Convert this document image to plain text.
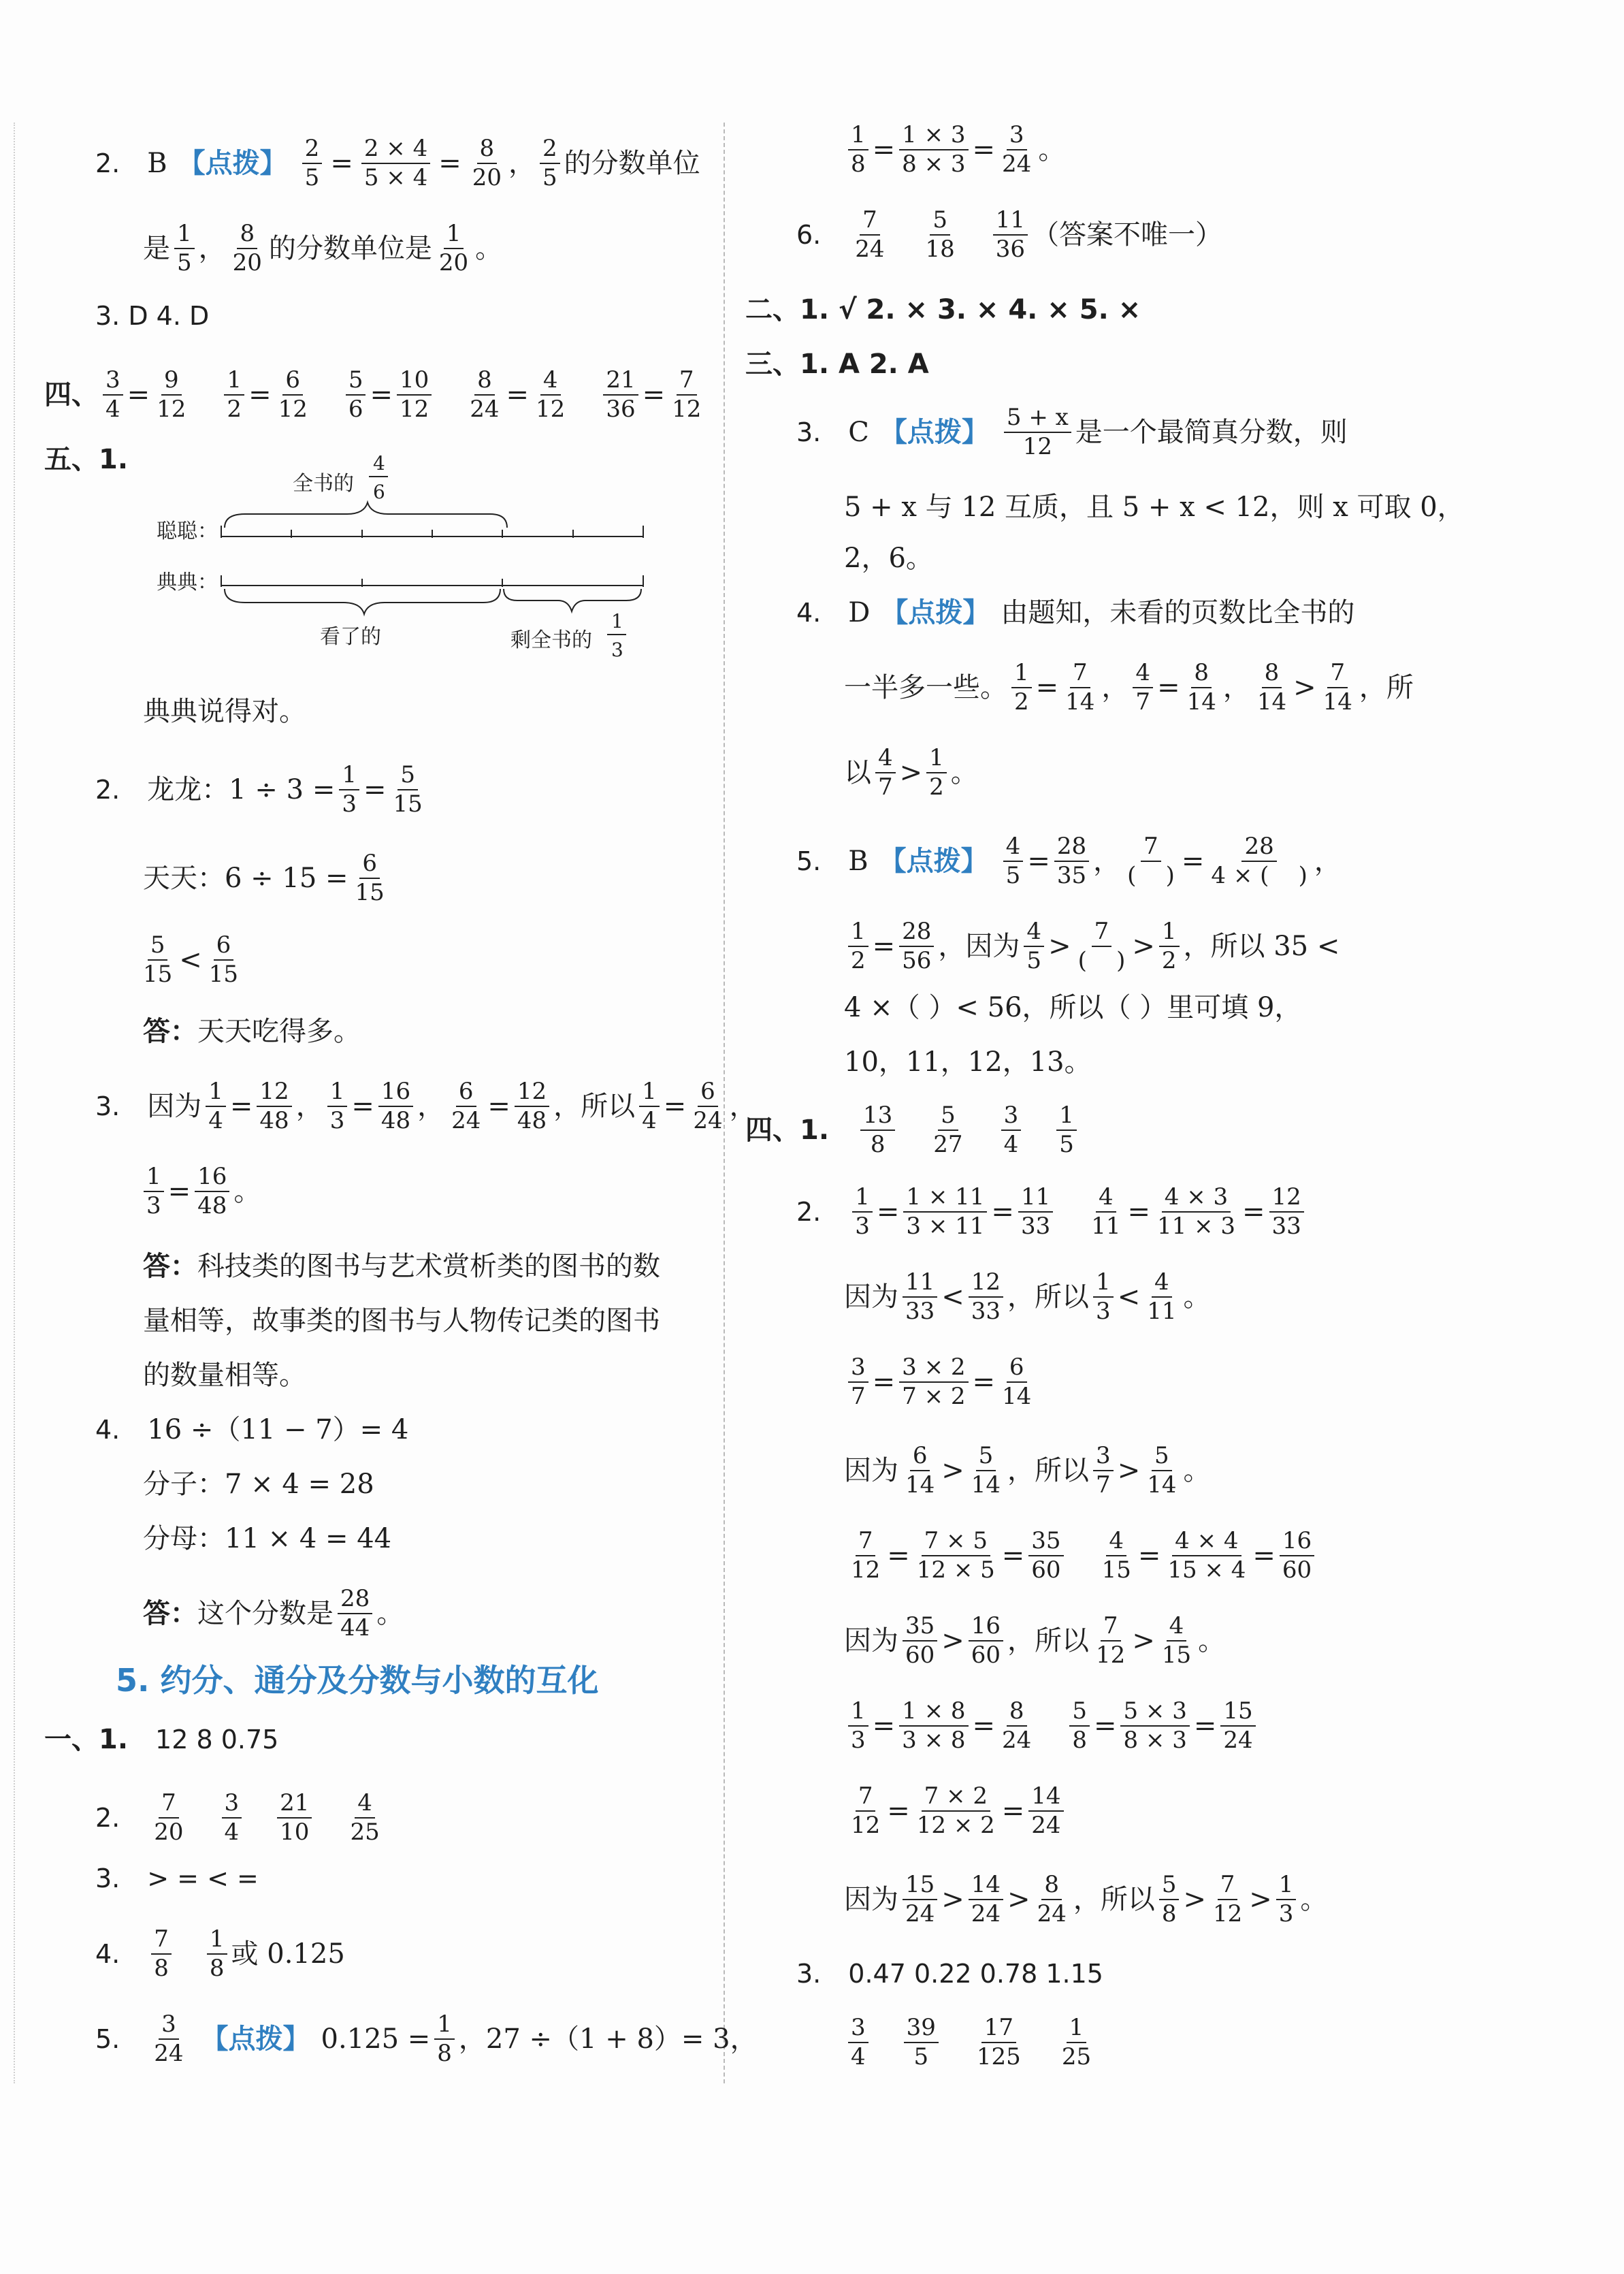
2. B 【点拨】 $\frac{2}{5} = \frac{2 \times 4}{5 \times 4} = \frac{8}{20}$ ， 2
5 的分数单位
是 1
5 ， 8
20 的分数单位是 1
20 。
3. D 4. D
四、 3
4 = 9
12
1
2 = 6
12
5
6 = 10
12
8
24 = 4
12
21
36 = 7
12
五、1.
全书的
4
6
聪聪：
典典：
看了的	剩全书的
1
3
典典说得对。
2. 龙龙：$1 \div 3 = \frac{1}{3} = 5$
15
天天：$6 \div 15 = \frac{6}{15}$
5
15 < 6
15
答： 天天吃得多。
3. 因为 1
4 = 12
48 ， 1
3 = 16
48 ， 6
24 = 12
48 ， 所以 1
4 = 6
24 ，
1
3 = 16
48 。
答： 科技类的图书与艺术赏析类的图书的数
量相等，故事类的图书与人物传记类的图书
的数量相等。
4. 16 ÷（11 − 7）= 4
分子：7 × 4 = 28
分母：11 × 4 = 44
答： 这个分数是 28
44 。
5. 约分、通分及分数与小数的互化
一、1. 12 8 0.75
2.
7
20
3
4
21
10
4
25
3. > = < =
4.
7
8
1
8 或 0.125
5.
3
24 【点拨】 $0.125 = \frac{1}{8}$ ，27 ÷（1 + 8）= 3，
1
8 = 1 × 3
8 × 3 = 3
24 。
6.
7
24
5
18
11
36 （答案不唯一）
二、1. √ 2. × 3. × 4. × 5. ×
三、1. A 2. A
3. C 【点拨】 5 + x
12 是一个最简真分数，则
5 + x 与 12 互质，且 5 + x < 12，则 x 可取 0，
2，6。
4. D 【点拨】 由题知，未看的页数比全书的
一半多一些。 1
2 = 7
14 ， 4
7 = 8
14 ， 8
14 > 7
14 ， 所
以 4
7 > 1
2 。
5. B 【点拨】 4
5 = 28
35 ， 7
(    ) = 28
4 × (    ) ，
1
2 = 28
56 ， 因为 4
5 > 7
(    ) > 1
2 ， 所以 35 <
4 ×（ ）< 56，所以（ ）里可填 9，
10，11，12，13。
四、1. 13
8
5
27
3
4
1
5
2.
1
3 = 1 × 11
3 × 11 = 11
33
4
11 = 4 × 3
11 × 3 = 12
33
因为 11
33 < 12
33 ， 所以 1
3 < 4
11 。
3
7 = 3 × 2
7 × 2 = 6
14
因为 6
14 > 5
14 ， 所以 3
7 > 5
14 。
7
12 = 7 × 5
12 × 5 = 35
60
4
15 = 4 × 4
15 × 4 = 16
60
因为 35
60 > 16
60 ， 所以 7
12 > 4
15 。
1
3 = 1 × 8
3 × 8 = 8
24
5
8 = 5 × 3
8 × 3 = 15
24
7
12 = 7 × 2
12 × 2 = 14
24
因为 15
24 > 14
24 > 8
24 ， 所以 5
8 > 7
12 > 1
3 。
3. 0.47 0.22 0.78 1.15
3
4
39
5
17
125
1
25
